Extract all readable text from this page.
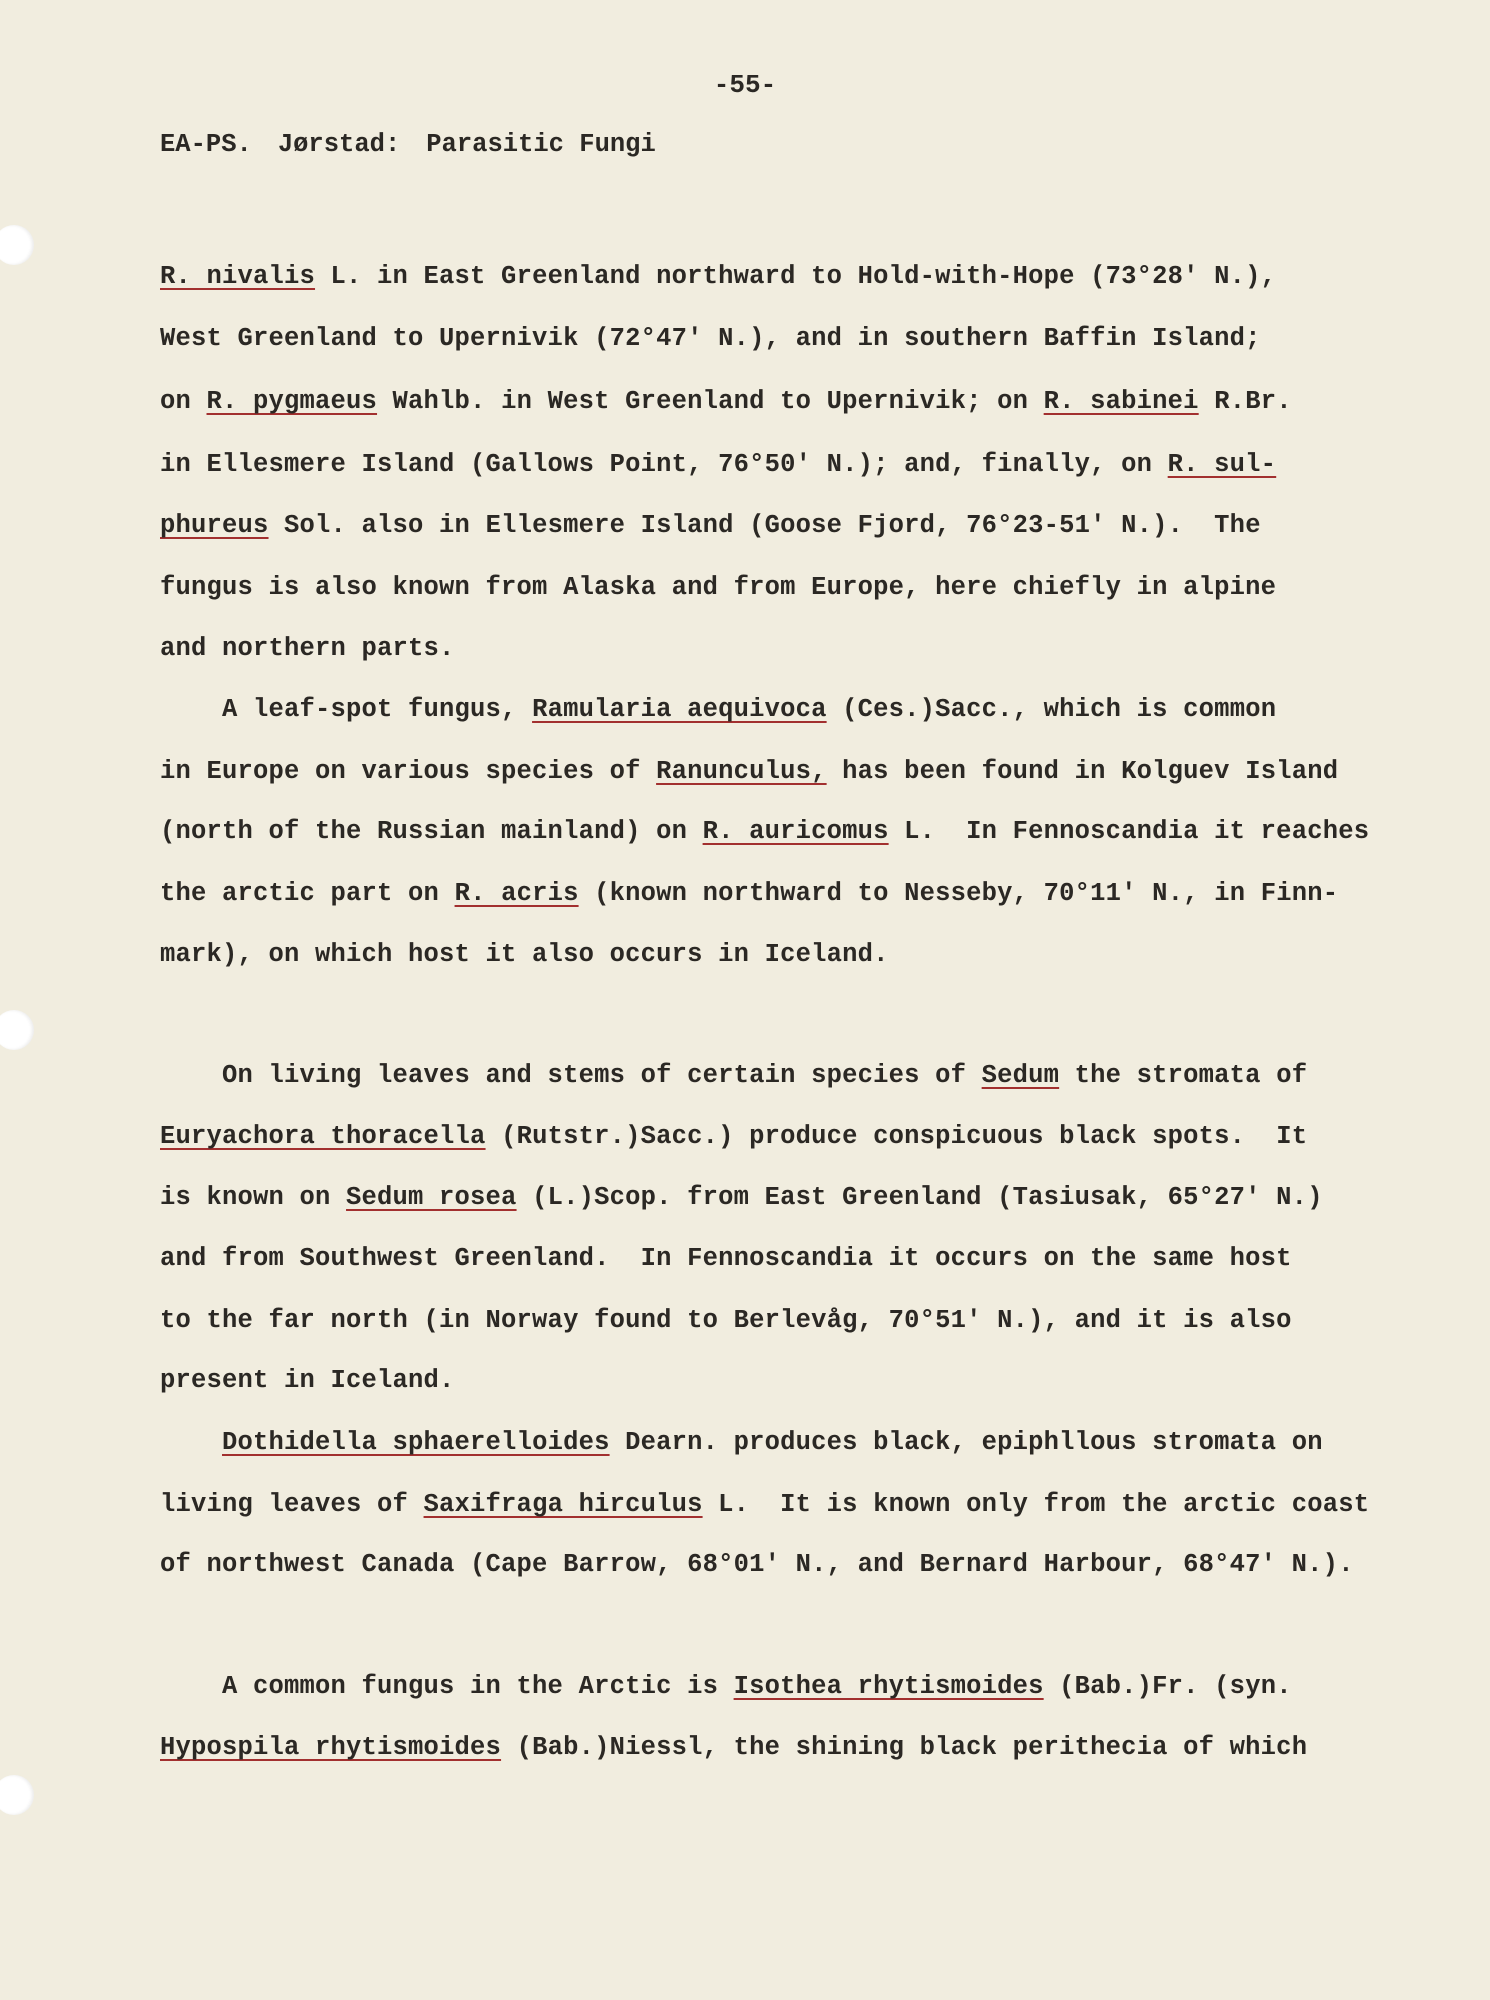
-55-
EA-PS. Jørstad: Parasitic Fungi
R. nivalis L. in East Greenland northward to Hold-with-Hope (73°28' N.),
West Greenland to Upernivik (72°47' N.), and in southern Baffin Island;
on R. pygmaeus Wahlb. in West Greenland to Upernivik; on R. sabinei R.Br.
in Ellesmere Island (Gallows Point, 76°50' N.); and, finally, on R. sul-
phureus Sol. also in Ellesmere Island (Goose Fjord, 76°23-51' N.).  The
fungus is also known from Alaska and from Europe, here chiefly in alpine
and northern parts.
A leaf-spot fungus, Ramularia aequivoca (Ces.)Sacc., which is common
in Europe on various species of Ranunculus, has been found in Kolguev Island
(north of the Russian mainland) on R. auricomus L.  In Fennoscandia it reaches
the arctic part on R. acris (known northward to Nesseby, 70°11' N., in Finn-
mark), on which host it also occurs in Iceland.
On living leaves and stems of certain species of Sedum the stromata of
Euryachora thoracella (Rutstr.)Sacc.) produce conspicuous black spots.  It
is known on Sedum rosea (L.)Scop. from East Greenland (Tasiusak, 65°27' N.)
and from Southwest Greenland.  In Fennoscandia it occurs on the same host
to the far north (in Norway found to Berlevåg, 70°51' N.), and it is also
present in Iceland.
Dothidella sphaerelloides Dearn. produces black, epiphllous stromata on
living leaves of Saxifraga hirculus L.  It is known only from the arctic coast
of northwest Canada (Cape Barrow, 68°01' N., and Bernard Harbour, 68°47' N.).
A common fungus in the Arctic is Isothea rhytismoides (Bab.)Fr. (syn.
Hypospila rhytismoides (Bab.)Niessl, the shining black perithecia of which
